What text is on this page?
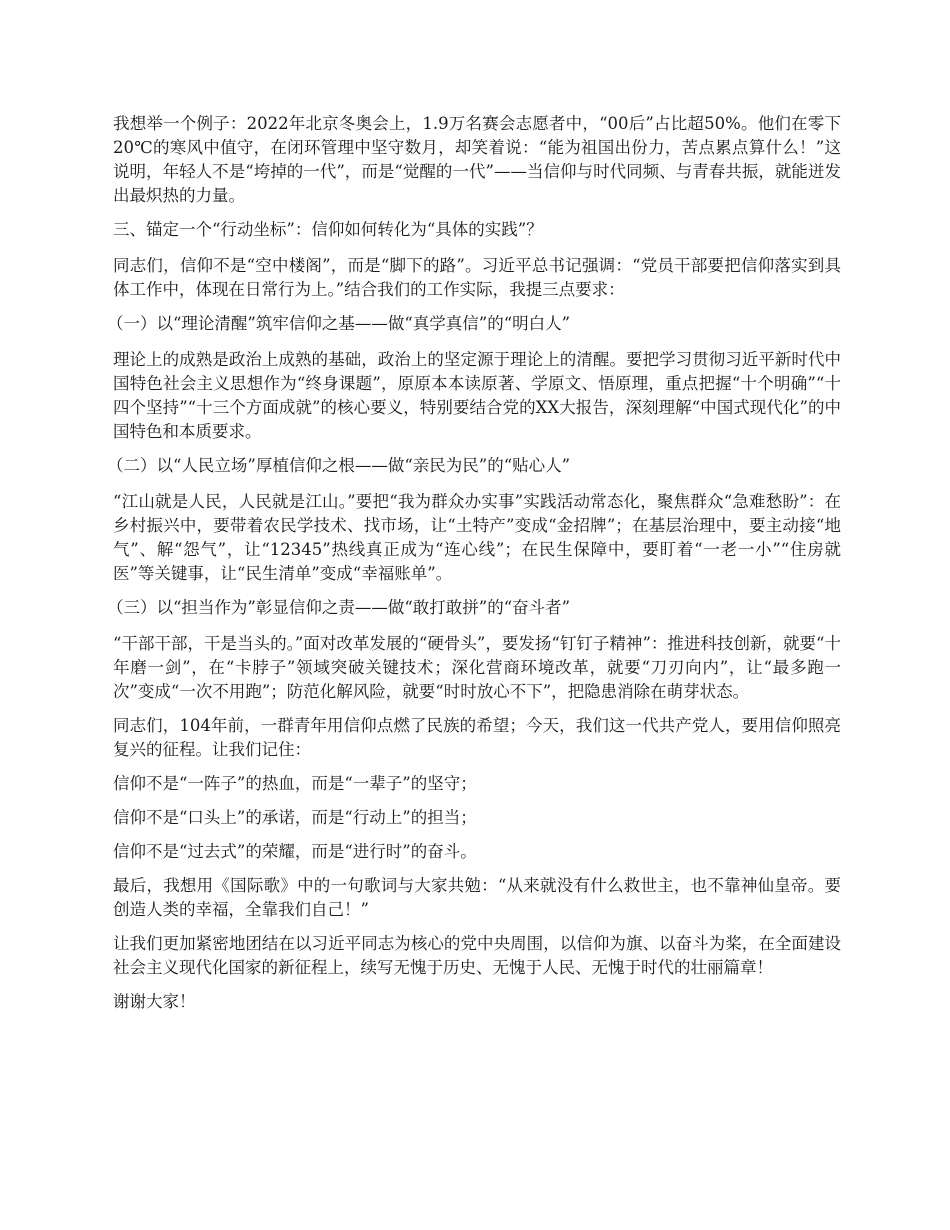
我想举一个例子：2022年北京冬奥会上，1.9万名赛会志愿者中，“00后”占比超50%。他们在零下20℃的寒风中值守，在闭环管理中坚守数月，却笑着说：“能为祖国出份力，苦点累点算什么！”这说明，年轻人不是“垮掉的一代”，而是“觉醒的一代”——当信仰与时代同频、与青春共振，就能迸发出最炽热的力量。

三、锚定一个“行动坐标”：信仰如何转化为“具体的实践”？

同志们，信仰不是“空中楼阁”，而是“脚下的路”。习近平总书记强调：“党员干部要把信仰落实到具体工作中，体现在日常行为上。”结合我们的工作实际，我提三点要求：

（一）以“理论清醒”筑牢信仰之基——做“真学真信”的“明白人”

理论上的成熟是政治上成熟的基础，政治上的坚定源于理论上的清醒。要把学习贯彻习近平新时代中国特色社会主义思想作为“终身课题”，原原本本读原著、学原文、悟原理，重点把握“十个明确”“十四个坚持”“十三个方面成就”的核心要义，特别要结合党的XX大报告，深刻理解“中国式现代化”的中国特色和本质要求。

（二）以“人民立场”厚植信仰之根——做“亲民为民”的“贴心人”

“江山就是人民，人民就是江山。”要把“我为群众办实事”实践活动常态化，聚焦群众“急难愁盼”：在乡村振兴中，要带着农民学技术、找市场，让“土特产”变成“金招牌”；在基层治理中，要主动接“地气”、解“怨气”，让“12345”热线真正成为“连心线”；在民生保障中，要盯着“一老一小”“住房就医”等关键事，让“民生清单”变成“幸福账单”。

（三）以“担当作为”彰显信仰之责——做“敢打敢拼”的“奋斗者”

“干部干部，干是当头的。”面对改革发展的“硬骨头”，要发扬“钉钉子精神”：推进科技创新，就要“十年磨一剑”，在“卡脖子”领域突破关键技术；深化营商环境改革，就要“刀刃向内”，让“最多跑一次”变成“一次不用跑”；防范化解风险，就要“时时放心不下”，把隐患消除在萌芽状态。

同志们，104年前，一群青年用信仰点燃了民族的希望；今天，我们这一代共产党人，要用信仰照亮复兴的征程。让我们记住：

信仰不是“一阵子”的热血，而是“一辈子”的坚守；

信仰不是“口头上”的承诺，而是“行动上”的担当；

信仰不是“过去式”的荣耀，而是“进行时”的奋斗。

最后，我想用《国际歌》中的一句歌词与大家共勉：“从来就没有什么救世主，也不靠神仙皇帝。要创造人类的幸福，全靠我们自己！”

让我们更加紧密地团结在以习近平同志为核心的党中央周围，以信仰为旗、以奋斗为桨，在全面建设社会主义现代化国家的新征程上，续写无愧于历史、无愧于人民、无愧于时代的壮丽篇章！

谢谢大家！
